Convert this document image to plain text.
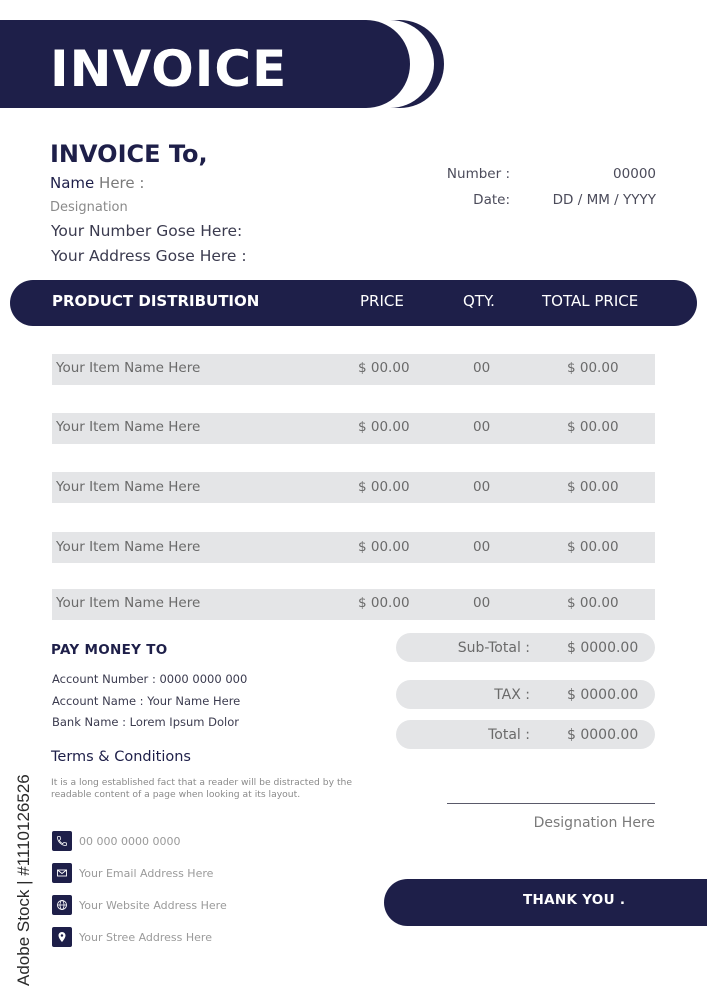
INVOICE	Brand Name
Tagline Gose Here
INVOICE To,
Name Here :
Designation
Your Number Gose Here:
Your Address Gose Here :
Number :	00000
Date:	DD / MM / YYYY
PRODUCT DISTRIBUTION	PRICE	QTY.	TOTAL PRICE
Your Item Name Here	$ 00.00	00	$ 00.00
Your Item Name Here	$ 00.00	00	$ 00.00
Your Item Name Here	$ 00.00	00	$ 00.00
Your Item Name Here	$ 00.00	00	$ 00.00
Your Item Name Here	$ 00.00	00	$ 00.00
PAY MONEY TO
Account Number : 0000 0000 000
Account Name : Your Name Here
Bank Name : Lorem Ipsum Dolor
Terms & Conditions
It is a long established fact that a reader will be distracted by the readable content of a page when looking at its layout.
00 000 0000 0000
Your Email Address Here
Your Website Address Here
Your Stree Address Here
Sub-Total :	$ 0000.00
TAX :	$ 0000.00
Total :	$ 0000.00
Designation Here
THANK YOU .
Adobe Stock | #1110126526
